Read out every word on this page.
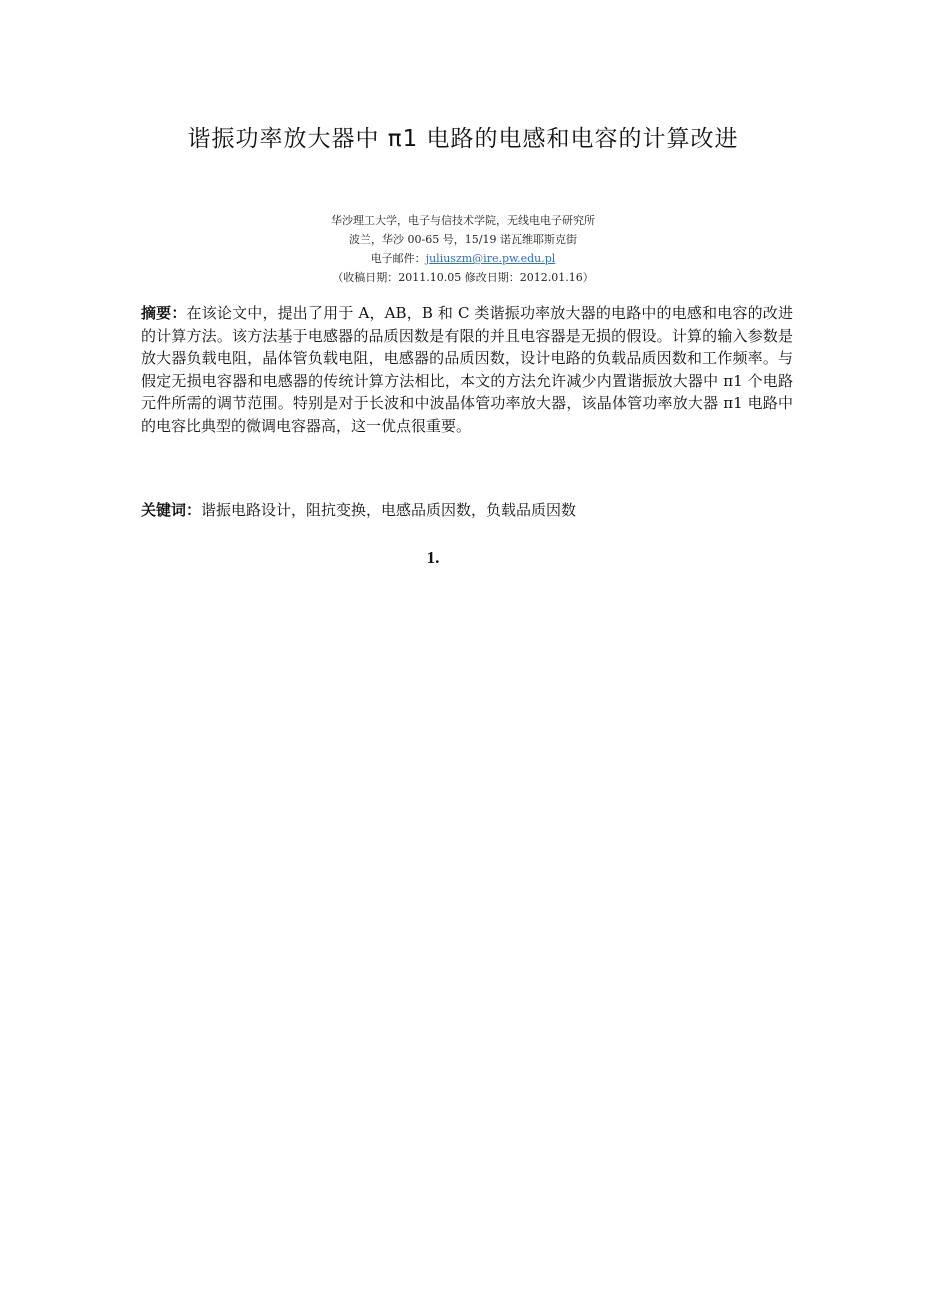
谐振功率放大器中 π1 电路的电感和电容的计算改进
华沙理工大学，电子与信技术学院，无线电电子研究所
波兰，华沙 00-65 号，15/19 诺瓦维耶斯克街
电子邮件：juliuszm@ire.pw.edu.pl
（收稿日期：2011.10.05 修改日期：2012.01.16）
摘要：在该论文中，提出了用于 A，AB，B 和 C 类谐振功率放大器的电路中的电感和电容的改进的计算方法。该方法基于电感器的品质因数是有限的并且电容器是无损的假设。计算的输入参数是放大器负载电阻，晶体管负载电阻，电感器的品质因数，设计电路的负载品质因数和工作频率。与假定无损电容器和电感器的传统计算方法相比，本文的方法允许减少内置谐振放大器中 π1 个电路元件所需的调节范围。特别是对于长波和中波晶体管功率放大器，该晶体管功率放大器 π1 电路中的电容比典型的微调电容器高，这一优点很重要。
关键词：谐振电路设计，阻抗变换，电感品质因数，负载品质因数
1.
